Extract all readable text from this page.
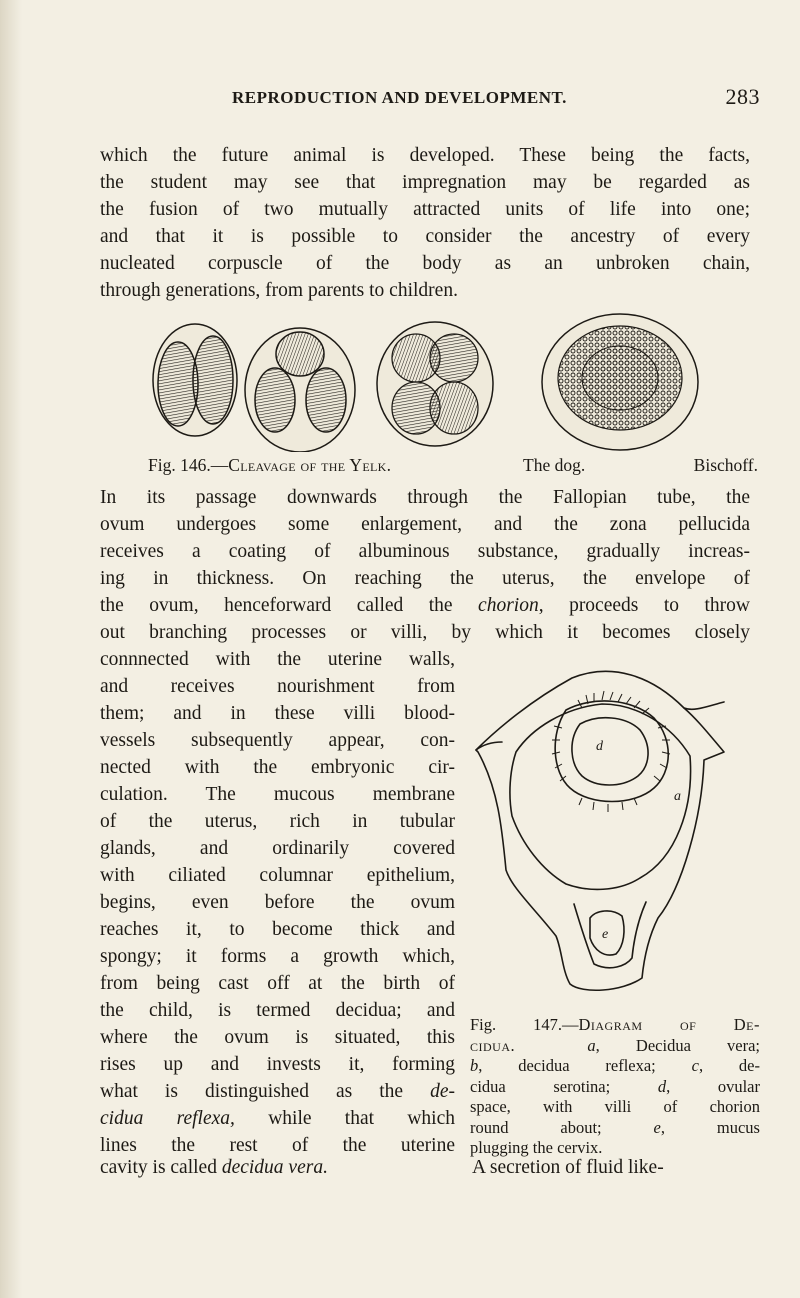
REPRODUCTION AND DEVELOPMENT.	283
which the future animal is developed. These being the facts,
the student may see that impregnation may be regarded as
the fusion of two mutually attracted units of life into one;
and that it is possible to consider the ancestry of every
nucleated corpuscle of the body as an unbroken chain,
through generations, from parents to children.
Fig. 146.—Cleavage of the Yelk.	The dog.	Bischoff.
In its passage downwards through the Fallopian tube, the
ovum undergoes some enlargement, and the zona pellucida
receives a coating of albuminous substance, gradually increas-
ing in thickness. On reaching the uterus, the envelope of
the ovum, henceforward called the chorion, proceeds to throw
out branching processes or villi, by which it becomes closely
connnected with the uterine walls,
and receives nourishment from
them; and in these villi blood-
vessels subsequently appear, con-
nected with the embryonic cir-
culation. The mucous membrane
of the uterus, rich in tubular
glands, and ordinarily covered
with ciliated columnar epithelium,
begins, even before the ovum
reaches it, to become thick and
spongy; it forms a growth which,
from being cast off at the birth of
the child, is termed decidua; and
where the ovum is situated, this
rises up and invests it, forming
what is distinguished as the de-
cidua reflexa, while that which
lines the rest of the uterine
d
a
e
Fig. 147.—Diagram of De-
cidua.	a, Decidua vera;
b, decidua reflexa; c, de-
cidua serotina; d, ovular
space, with villi of chorion
round about; e, mucus
plugging the cervix.
cavity is called decidua vera.	A secretion of fluid like-
